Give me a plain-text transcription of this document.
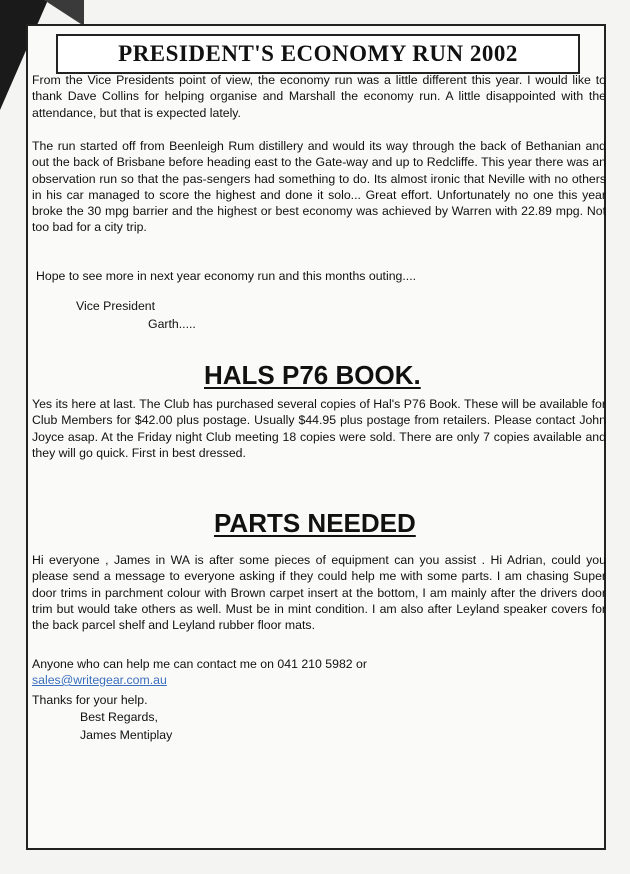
PRESIDENT'S ECONOMY RUN 2002
From the Vice Presidents point of view, the economy run was a little different this year. I would like to thank Dave Collins for helping organise and Marshall the economy run. A little disappointed with the attendance, but that is expected lately.
The run started off from Beenleigh Rum distillery and would its way through the back of Bethanian and out the back of Brisbane before heading east to the Gate-way and up to Redcliffe. This year there was an observation run so that the pas-sengers had something to do. Its almost ironic that Neville with no others in his car managed to score the highest and done it solo... Great effort. Unfortunately no one this year broke the 30 mpg barrier and the highest or best economy was achieved by Warren with 22.89 mpg. Not too bad for a city trip.
Hope to see more in next year economy run and this months outing....
Vice President
Garth.....
HALS P76 BOOK.
Yes its here at last. The Club has purchased several copies of Hal's P76 Book. These will be available for Club Members for $42.00 plus postage. Usually $44.95 plus postage from retailers. Please contact John Joyce asap. At the Friday night Club meeting 18 copies were sold. There are only 7 copies available and they will go quick. First in best dressed.
PARTS NEEDED
Hi everyone , James in WA is after some pieces of equipment can you assist . Hi Adrian, could you please send a message to everyone asking if they could help me with some parts. I am chasing Super door trims in parchment colour with Brown carpet insert at the bottom, I am mainly after the drivers door trim but would take others as well. Must be in mint condition. I am also after Leyland speaker covers for the back parcel shelf and Leyland rubber floor mats.
Anyone who can help me can contact me on 041 210 5982 or
sales@writegear.com.au
Thanks for your help.
Best Regards,
James Mentiplay
